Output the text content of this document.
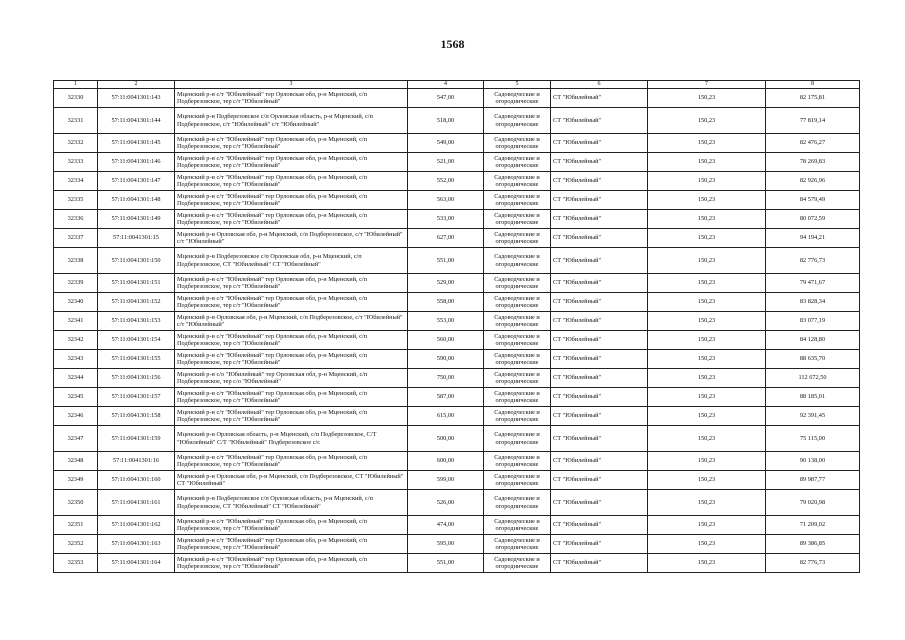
1568
1	2	3	4	5	6	7	8
32330	57:11:0041301:143	Мценский р-н с/т "Юбилейный" тер Орловская обл, р-н Мценский, с/п Подберезовское, тер с/т "Юбилейный"	547,00	Садоводческие и огороднические	СТ "Юбилейный"	150,23	82 175,81
32331	57:11:0041301:144	Мценский р-н Подберезовское с/п Орловская область, р-н Мценский, с/п Подберезовское, с/т "Юбилейный" с/т "Юбилейный"	518,00	Садоводческие и огороднические	СТ "Юбилейный"	150,23	77 819,14
32332	57:11:0041301:145	Мценский р-н с/т "Юбилейный" тер Орловская обл, р-н Мценский, с/п Подберезовское, тер с/т "Юбилейный"	549,00	Садоводческие и огороднические	СТ "Юбилейный"	150,23	82 476,27
32333	57:11:0041301:146	Мценский р-н с/т "Юбилейный" тер Орловская обл, р-н Мценский, с/п Подберезовское, тер с/т "Юбилейный"	521,00	Садоводческие и огороднические	СТ "Юбилейный"	150,23	78 269,83
32334	57:11:0041301:147	Мценский р-н с/т "Юбилейный" тер Орловская обл, р-н Мценский, с/п Подберезовское, тер с/т "Юбилейный"	552,00	Садоводческие и огороднические	СТ "Юбилейный"	150,23	82 926,96
32335	57:11:0041301:148	Мценский р-н с/т "Юбилейный" тер Орловская обл, р-н Мценский, с/п Подберезовское, тер с/т "Юбилейный"	563,00	Садоводческие и огороднические	СТ "Юбилейный"	150,23	84 579,49
32336	57:11:0041301:149	Мценский р-н с/т "Юбилейный" тер Орловская обл, р-н Мценский, с/п Подберезовское, тер с/т "Юбилейный"	533,00	Садоводческие и огороднические	СТ "Юбилейный"	150,23	80 072,59
32337	57:11:0041301:15	Мценский р-н Орловская обл, р-н Мценский, с/п Подберезовское, с/т "Юбилейный" с/т "Юбилейный"	627,00	Садоводческие и огороднические	СТ "Юбилейный"	150,23	94 194,21
32338	57:11:0041301:150	Мценский р-н Подберезовское с/п Орловская обл, р-н Мценский, с/п Подберезовское, СТ "Юбилейный" СТ "Юбилейный"	551,00	Садоводческие и огороднические	СТ "Юбилейный"	150,23	82 776,73
32339	57:11:0041301:151	Мценский р-н с/т "Юбилейный" тер Орловская обл, р-н Мценский, с/п Подберезовское, тер с/т "Юбилейный"	529,00	Садоводческие и огороднические	СТ "Юбилейный"	150,23	79 471,67
32340	57:11:0041301:152	Мценский р-н с/т "Юбилейный" тер Орловская обл, р-н Мценский, с/п Подберезовское, тер с/т "Юбилейный"	558,00	Садоводческие и огороднические	СТ "Юбилейный"	150,23	83 828,34
32341	57:11:0041301:153	Мценский р-н Орловская обл, р-н Мценский, с/п Подберезовское, с/т "Юбилейный" с/т "Юбилейный"	553,00	Садоводческие и огороднические	СТ "Юбилейный"	150,23	83 077,19
32342	57:11:0041301:154	Мценский р-н с/т "Юбилейный" тер Орловская обл, р-н Мценский, с/п Подберезовское, тер с/т "Юбилейный"	560,00	Садоводческие и огороднические	СТ "Юбилейный"	150,23	84 128,80
32343	57:11:0041301:155	Мценский р-н с/т "Юбилейный" тер Орловская обл, р-н Мценский, с/п Подберезовское, тер с/т "Юбилейный"	590,00	Садоводческие и огороднические	СТ "Юбилейный"	150,23	88 635,70
32344	57:11:0041301:156	Мценский р-н с/о "Юбилейный" тер Орловская обл, р-н Мценский, с/п Подберезовское, тер с/о "Юбилейный"	750,00	Садоводческие и огороднические	СТ "Юбилейный"	150,23	112 672,50
32345	57:11:0041301:157	Мценский р-н с/т "Юбилейный" тер Орловская обл, р-н Мценский, с/п Подберезовское, тер с/т "Юбилейный"	587,00	Садоводческие и огороднические	СТ "Юбилейный"	150,23	88 185,01
32346	57:11:0041301:158	Мценский р-н с/т "Юбилейный" тер Орловская обл, р-н Мценский, с/п Подберезовское, тер с/т "Юбилейный"	615,00	Садоводческие и огороднические	СТ "Юбилейный"	150,23	92 391,45
32347	57:11:0041301:159	Мценский р-н Орловская область, р-н Мценский, с/п Подберезовское, С/Т "Юбилейный" С/Т "Юбилейный" Подберезовское с/с	500,00	Садоводческие и огороднические	СТ "Юбилейный"	150,23	75 115,00
32348	57:11:0041301:16	Мценский р-н с/т "Юбилейный" тер Орловская обл, р-н Мценский, с/п Подберезовское, тер с/т "Юбилейный"	600,00	Садоводческие и огороднические	СТ "Юбилейный"	150,23	90 138,00
32349	57:11:0041301:160	Мценский р-н Орловская обл, р-н Мценский, с/п Подберезовское, СТ "Юбилейный" СТ "Юбилейный"	599,00	Садоводческие и огороднические	СТ "Юбилейный"	150,23	89 987,77
32350	57:11:0041301:161	Мценский р-н Подберезовское с/п Орловская область, р-н Мценский, с/п Подберезовское, СТ "Юбилейный" СТ "Юбилейный"	526,00	Садоводческие и огороднические	СТ "Юбилейный"	150,23	79 020,98
32351	57:11:0041301:162	Мценский р-н с/т "Юбилейный" тер Орловская обл, р-н Мценский, с/п Подберезовское, тер с/т "Юбилейный"	474,00	Садоводческие и огороднические	СТ "Юбилейный"	150,23	71 209,02
32352	57:11:0041301:163	Мценский р-н с/т "Юбилейный" тер Орловская обл, р-н Мценский, с/п Подберезовское, тер с/т "Юбилейный"	595,00	Садоводческие и огороднические	СТ "Юбилейный"	150,23	89 386,85
32353	57:11:0041301:164	Мценский р-н с/т "Юбилейный" тер Орловская обл, р-н Мценский, с/п Подберезовское, тер с/т "Юбилейный"	551,00	Садоводческие и огороднические	СТ "Юбилейный"	150,23	82 776,73
